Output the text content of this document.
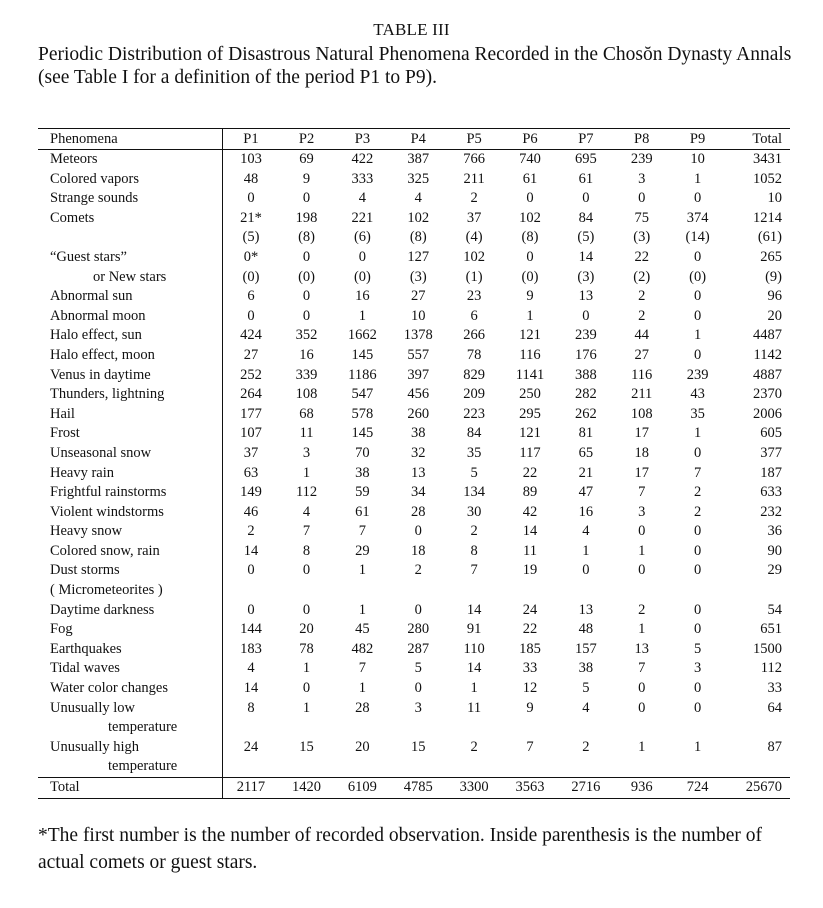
TABLE III
Periodic Distribution of Disastrous Natural Phenomena Recorded in the Chosŏn Dynasty Annals (see Table I for a definition of the period P1 to P9).
Phenomena	P1	P2	P3	P4	P5	P6	P7	P8	P9	Total
Meteors	103	69	422	387	766	740	695	239	10	3431
Colored vapors	48	9	333	325	211	61	61	3	1	1052
Strange sounds	0	0	4	4	2	0	0	0	0	10
Comets	21*	198	221	102	37	102	84	75	374	1214
	(5)	(8)	(6)	(8)	(4)	(8)	(5)	(3)	(14)	(61)
“Guest stars”	0*	0	0	127	102	0	14	22	0	265
or New stars	(0)	(0)	(0)	(3)	(1)	(0)	(3)	(2)	(0)	(9)
Abnormal sun	6	0	16	27	23	9	13	2	0	96
Abnormal moon	0	0	1	10	6	1	0	2	0	20
Halo effect, sun	424	352	1662	1378	266	121	239	44	1	4487
Halo effect, moon	27	16	145	557	78	116	176	27	0	1142
Venus in daytime	252	339	1186	397	829	1141	388	116	239	4887
Thunders, lightning	264	108	547	456	209	250	282	211	43	2370
Hail	177	68	578	260	223	295	262	108	35	2006
Frost	107	11	145	38	84	121	81	17	1	605
Unseasonal snow	37	3	70	32	35	117	65	18	0	377
Heavy rain	63	1	38	13	5	22	21	17	7	187
Frightful rainstorms	149	112	59	34	134	89	47	7	2	633
Violent windstorms	46	4	61	28	30	42	16	3	2	232
Heavy snow	2	7	7	0	2	14	4	0	0	36
Colored snow, rain	14	8	29	18	8	11	1	1	0	90
Dust storms	0	0	1	2	7	19	0	0	0	29
( Micrometeorites )										
Daytime darkness	0	0	1	0	14	24	13	2	0	54
Fog	144	20	45	280	91	22	48	1	0	651
Earthquakes	183	78	482	287	110	185	157	13	5	1500
Tidal waves	4	1	7	5	14	33	38	7	3	112
Water color changes	14	0	1	0	1	12	5	0	0	33
Unusually low	8	1	28	3	11	9	4	0	0	64
temperature										
Unusually high	24	15	20	15	2	7	2	1	1	87
temperature										
Total	2117	1420	6109	4785	3300	3563	2716	936	724	25670
*The first number is the number of recorded observation. Inside parenthesis is the number of actual comets or guest stars.
